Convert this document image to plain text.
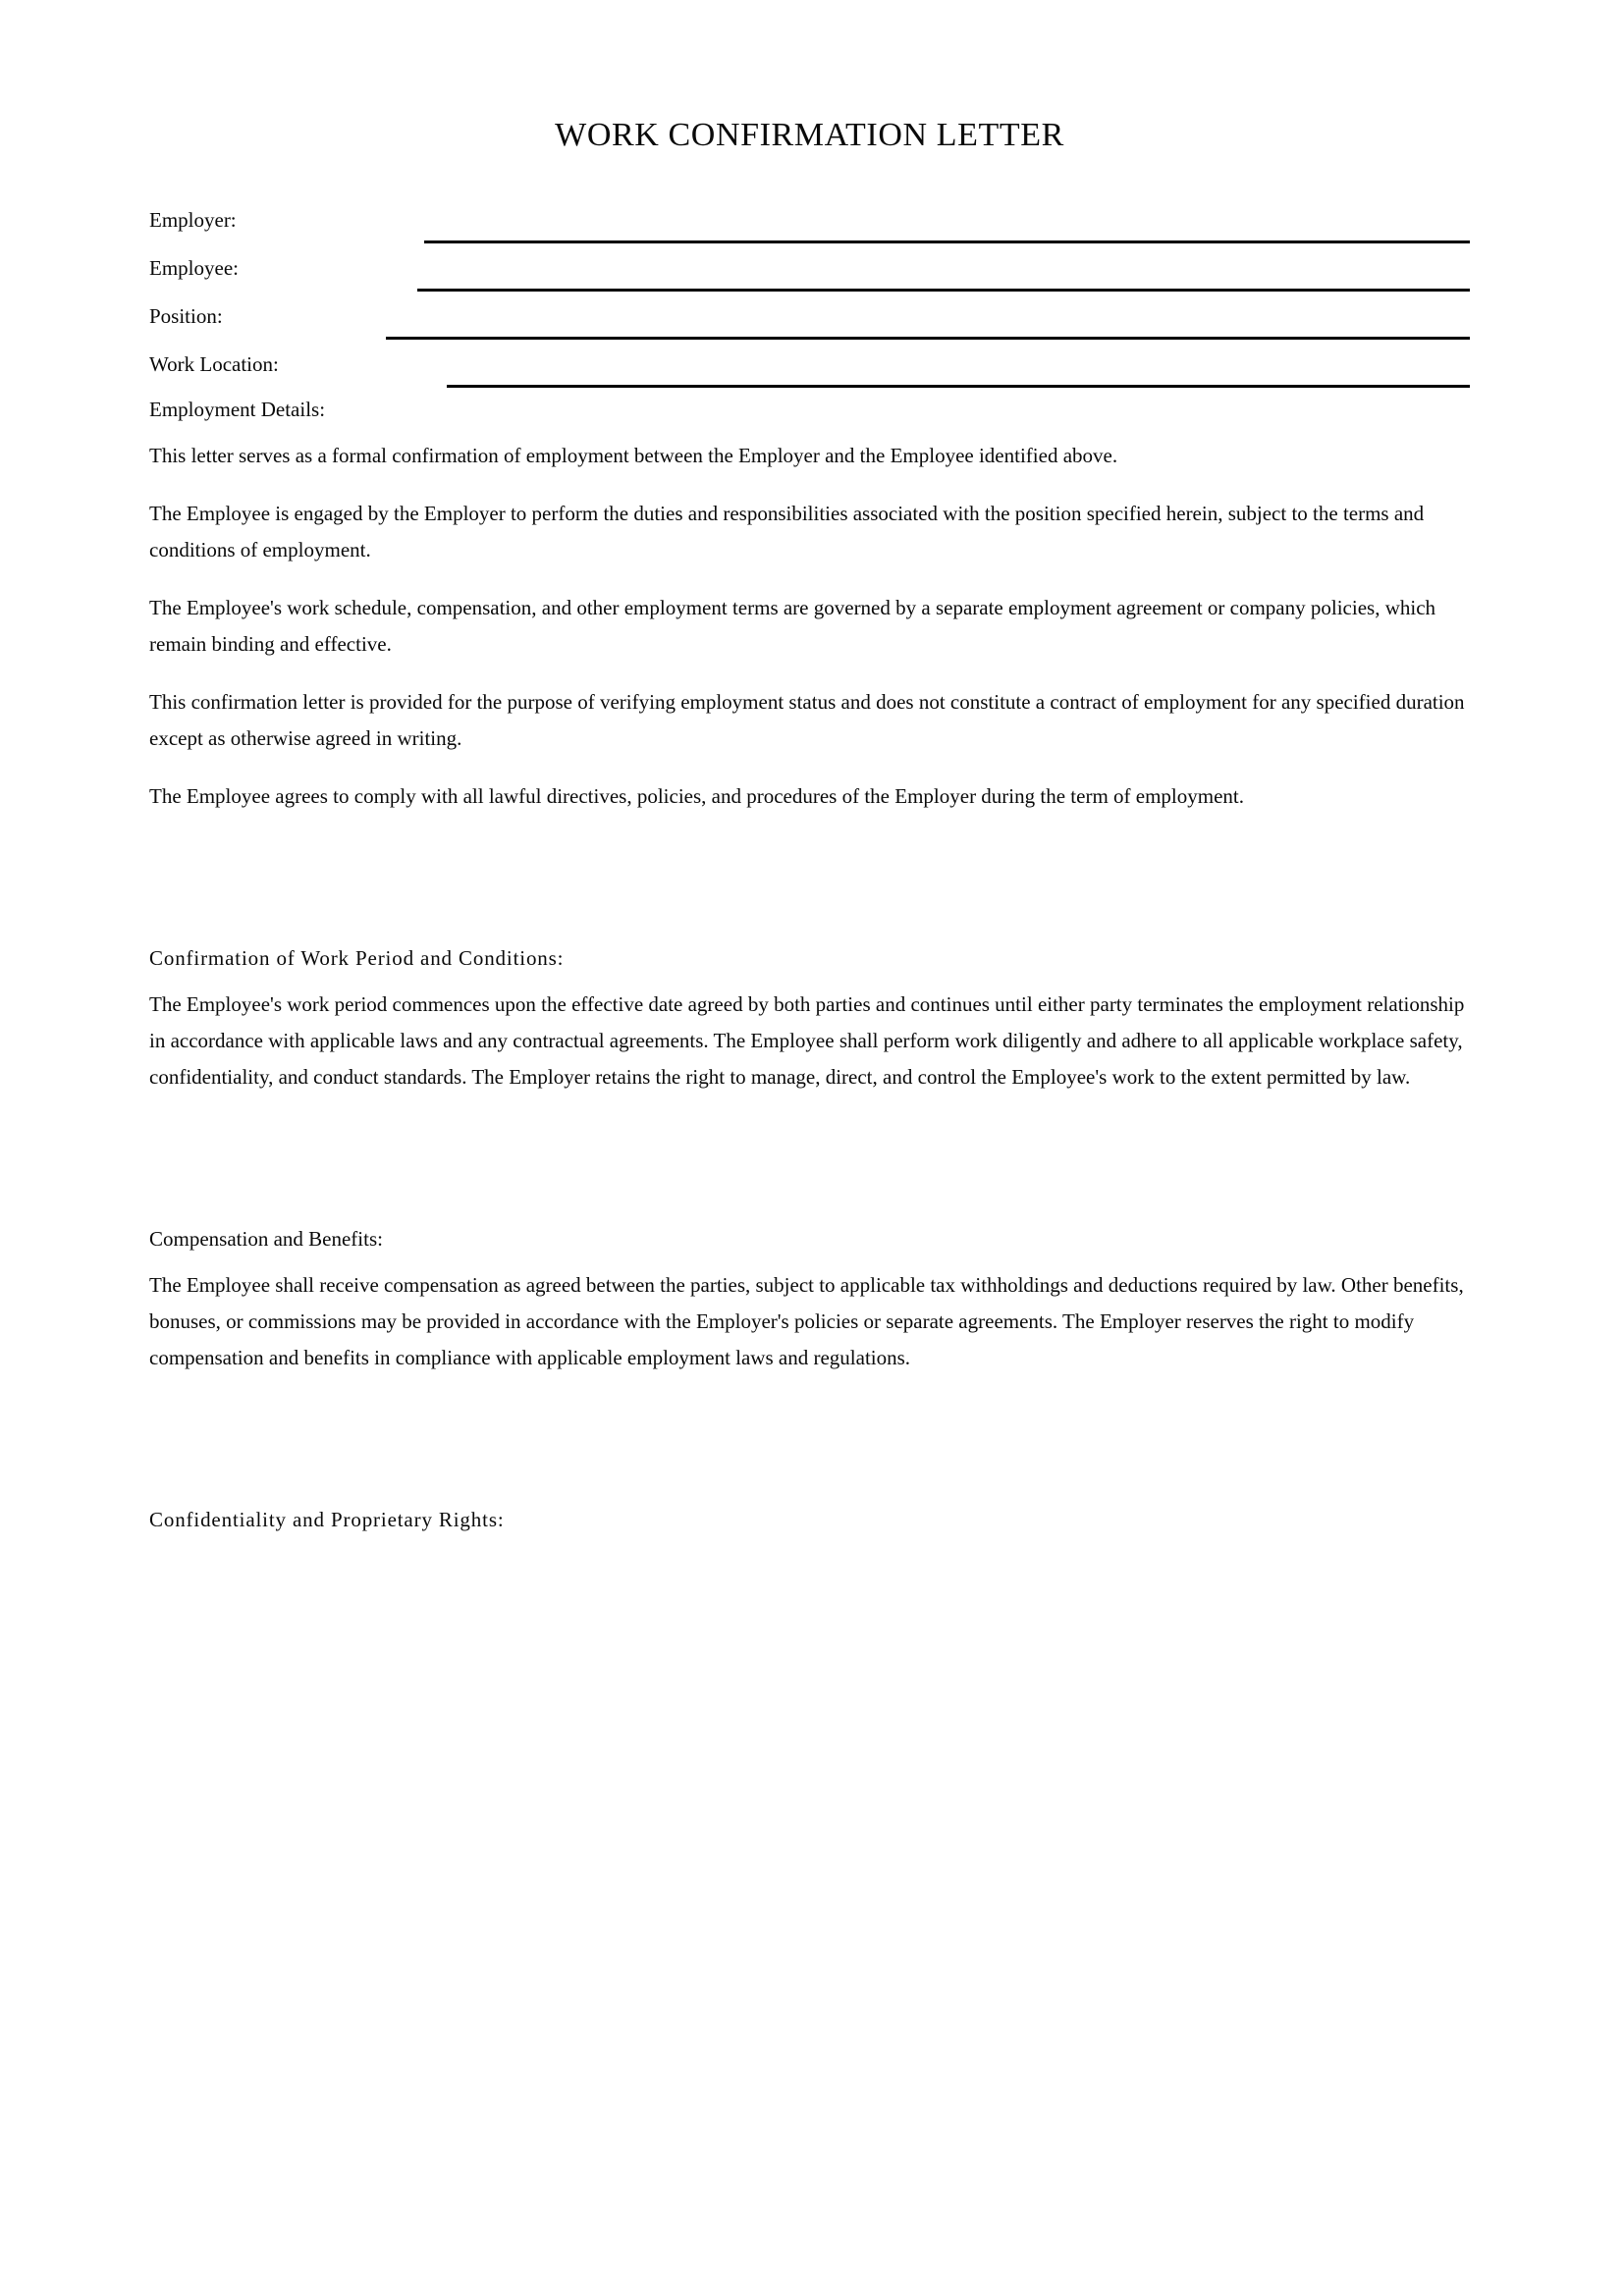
WORK CONFIRMATION LETTER
Employer:
Employee:
Position:
Work Location:
Employment Details:

This letter serves as a formal confirmation of employment between the Employer and the Employee identified above.

The Employee is engaged by the Employer to perform the duties and responsibilities associated with the position specified herein, subject to the terms and conditions of employment.

The Employee's work schedule, compensation, and other employment terms are governed by a separate employment agreement or company policies, which remain binding and effective.

This confirmation letter is provided for the purpose of verifying employment status and does not constitute a contract of employment for any specified duration except as otherwise agreed in writing.

The Employee agrees to comply with all lawful directives, policies, and procedures of the Employer during the term of employment.

Confirmation of Work Period and Conditions:

The Employee's work period commences upon the effective date agreed by both parties and continues until either party terminates the employment relationship in accordance with applicable laws and any contractual agreements. The Employee shall perform work diligently and adhere to all applicable workplace safety, confidentiality, and conduct standards. The Employer retains the right to manage, direct, and control the Employee's work to the extent permitted by law.

Compensation and Benefits:

The Employee shall receive compensation as agreed between the parties, subject to applicable tax withholdings and deductions required by law. Other benefits, bonuses, or commissions may be provided in accordance with the Employer's policies or separate agreements. The Employer reserves the right to modify compensation and benefits in compliance with applicable employment laws and regulations.

Confidentiality and Proprietary Rights:
